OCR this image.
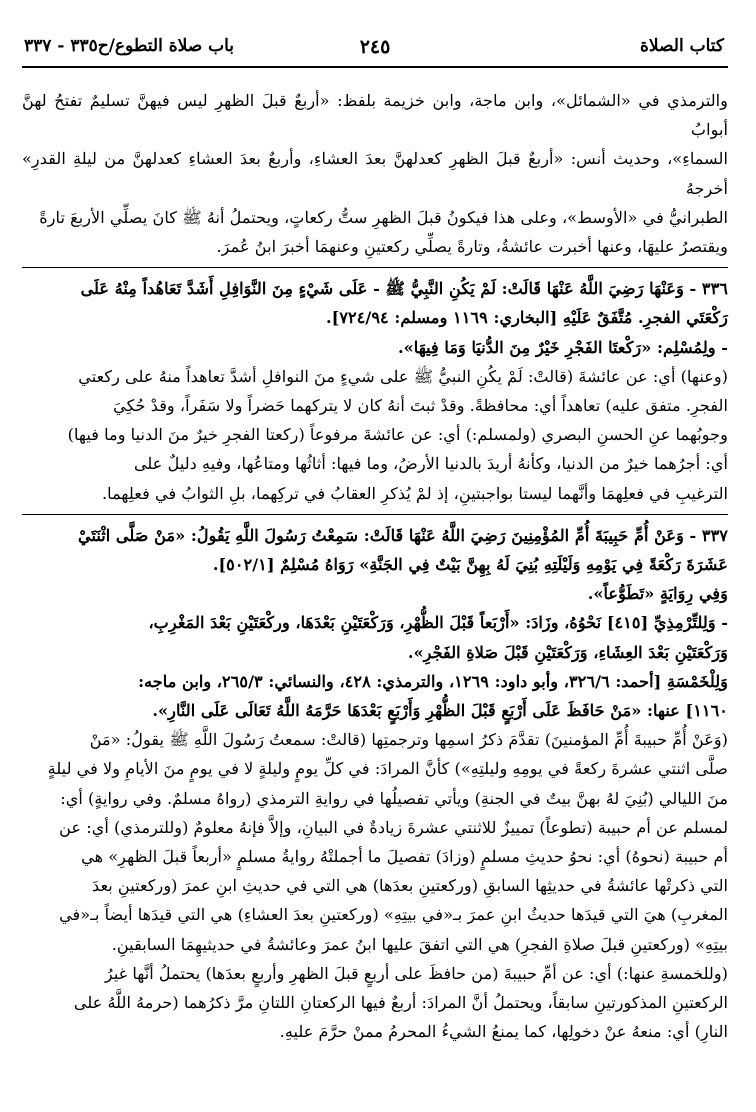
كتاب الصلاة
٢٤٥
باب صلاة التطوع/ح٣٣٥ - ٣٣٧

والترمذي في «الشمائل»، وابن ماجة، وابن خزيمة بلفظ: «أربعٌ قبلَ الظهرِ ليس فيهنَّ تسليمٌ تفتحُ لهنَّ أبوابُ

السماءِ»، وحديث أنس: «أربعٌ قبلَ الظهرِ كعدلهنَّ بعدَ العشاءِ، وأربعٌ بعدَ العشاءِ كعدلهنَّ من ليلةِ القدرِ» أخرجهُ

الطبرانيُّ في «الأوسط»، وعلى هذا فيكونُ قبلَ الظهرِ ستُّ ركعاتٍ، ويحتملُ أنهُ ﷺ كانَ يصلِّي الأربعَ تارةً

ويقتصرُ عليهَا، وعنها أخبرت عائشةُ، وتارةً يصلِّي ركعتينِ وعنهمَا أخبرَ ابنُ عُمرَ.

٣٣٦ - وَعَنْهَا رَضِيَ اللَّهُ عَنْهَا قَالَتْ: لَمْ يَكُنِ النَّبِيُّ ﷺ - عَلَى شَيْءٍ مِنَ النَّوَافِلِ أَشَدَّ تَعَاهُداً مِنْهُ عَلَى

رَكْعَتَي الفجرِ. مُتَّفَقٌ عَلَيْهِ [البخاري: ١١٦٩ ومسلم: ٧٢٤/٩٤].

- ولِمُسْلِم: «رَكْعتَا الفَجْرِ خَيْرٌ مِنَ الدُّنيَا وَمَا فِيهَا».

(وعنها) أي: عن عائشةَ (قالتْ: لَمْ يكُنِ النبيُّ ﷺ على شيءٍ منَ النوافلِ أشدَّ تعاهداً منهُ على ركعتي

الفجرِ. متفق عليه) تعاهداً أي: محافظةً. وقدْ ثبتَ أنهُ كان لا يتركهما حَضراً ولا سَفَراً، وقدْ حُكِيَ

وجوبُهما عنِ الحسنِ البصري (ولمسلم:) أي: عن عائشةَ مرفوعاً (ركعتا الفجرِ خيرٌ منَ الدنيا وما فيها)

أي: أجرُهما خيرٌ من الدنيا، وكأنهُ أريدَ بالدنيا الأرضُ، وما فيها: أثاثُها ومتاعُها، وفيهِ دليلٌ على

الترغيبِ في فعلِهمَا وأنَّهما ليستا بواجبتينِ، إذ لمْ يُذكرِ العقابُ في تركِهما، بلِ الثوابُ في فعلِهما.

٣٣٧ - وَعَنْ أُمِّ حَبِيبَةَ أُمِّ المُؤْمِنِينَ رَضِيَ اللَّهُ عَنْهَا قَالَتْ: سَمِعْتُ رَسُولَ اللَّهِ يَقُولُ: «مَنْ صَلَّى اثْنَتَيْ

عَشَرَةَ رَكْعَةً فِي يَوْمِهِ وَلَيْلَتِهِ بُنِيَ لَهُ بِهِنَّ بَيْتٌ فِي الجَنَّةِ» رَوَاهُ مُسْلِمٌ [٥٠٢/١].

وَفِي رِوَايَةٍ «تَطَوُّعاً».

- وَلِلتِّرْمِذِيِّ [٤١٥] نَحْوُهُ، وزَادَ: «أَرْبَعاً قَبْلَ الظُّهْرِ، وَرَكْعَتَيْنِ بَعْدَهَا، وركْعَتَيْنِ بَعْدَ المَغْرِبِ،

وَرَكْعَتَيْنِ بَعْدَ العِشَاءِ، وَرَكْعَتَيْنِ قَبْلَ صَلاةِ الفَجْرِ».

وَلِلْخَمْسَةِ [أحمد: ٣٢٦/٦، وأبو داود: ١٢٦٩، والترمذي: ٤٢٨، والنسائي: ٢٦٥/٣، وابن ماجه:

١١٦٠] عنها: «مَنْ حَافَظَ عَلَى أَرْبَعٍ قَبْلَ الظُّهْرِ وَأَرْبَعٍ بَعْدَهَا حَرَّمَهُ اللَّهُ تَعَالَى عَلَى النَّارِ».

(وَعَنْ أُمِّ حبيبةَ أُمِّ المؤمنينَ) تقدَّمَ ذكرُ اسمِها وترجمتِها (قالتْ: سمعتُ رَسُولَ اللَّهِ ﷺ يقولُ: «مَنْ

صلَّى اثنتي عشرةَ ركعةً في يومِهِ وليلتِهِ») كأنَّ المرادَ: في كلِّ يومٍ وليلةٍ لا في يومٍ منَ الأيامِ ولا في ليلةٍ

منَ الليالي (بُنِيَ لهُ بهنَّ بيتٌ في الجنةِ) ويأتي تفصيلُها في روايةِ الترمذي (رواهُ مسلمٌ. وفي روايةٍ) أي:

لمسلم عن أم حبيبة (تطوعاً) تمييزٌ للاثنتي عشرةَ زيادةٌ في البيانِ، وإلاَّ فإنهُ معلومٌ (وللترمذي) أي: عن

أم حبيبة (نحوهُ) أي: نحوُ حديثِ مسلمٍ (وزادَ) تفصيلَ ما أجملتْهُ روايةُ مسلمٍ «أربعاً قبلَ الظهرِ» هي

التي ذكرتْها عائشةُ في حديثِها السابقِ (وركعتينِ بعدَها) هي التي في حديثِ ابنِ عمرَ (وركعتينِ بعدَ

المغربِ) هيَ التي قيدَها حديثُ ابنِ عمرَ بـ«في بيتِهِ» (وركعتينِ بعدَ العشاءِ) هي التي قيدَها أيضاً بـ«في

بيتِهِ» (وركعتينِ قبلَ صلاةِ الفجرِ) هي التي اتفقَ عليها ابنُ عمرَ وعائشةُ في حديثيهِمَا السابقينِ.

(وللخمسةِ عنها:) أي: عن أمِّ حبيبةَ (من حافظَ على أربعٍ قبلَ الظهرِ وأربعٍ بعدَها) يحتملُ أنَّها غيرُ

الركعتينِ المذكورتينِ سابقاً، ويحتملُ أنَّ المرادَ: أربعٌ فيها الركعتانِ اللتانِ مرَّ ذكرُهما (حرمهُ اللَّهُ على

النارِ) أي: منعهُ عنْ دخولِها، كما يمنعُ الشيءُ المحرمُ ممنْ حرَّمَ عليهِ.
